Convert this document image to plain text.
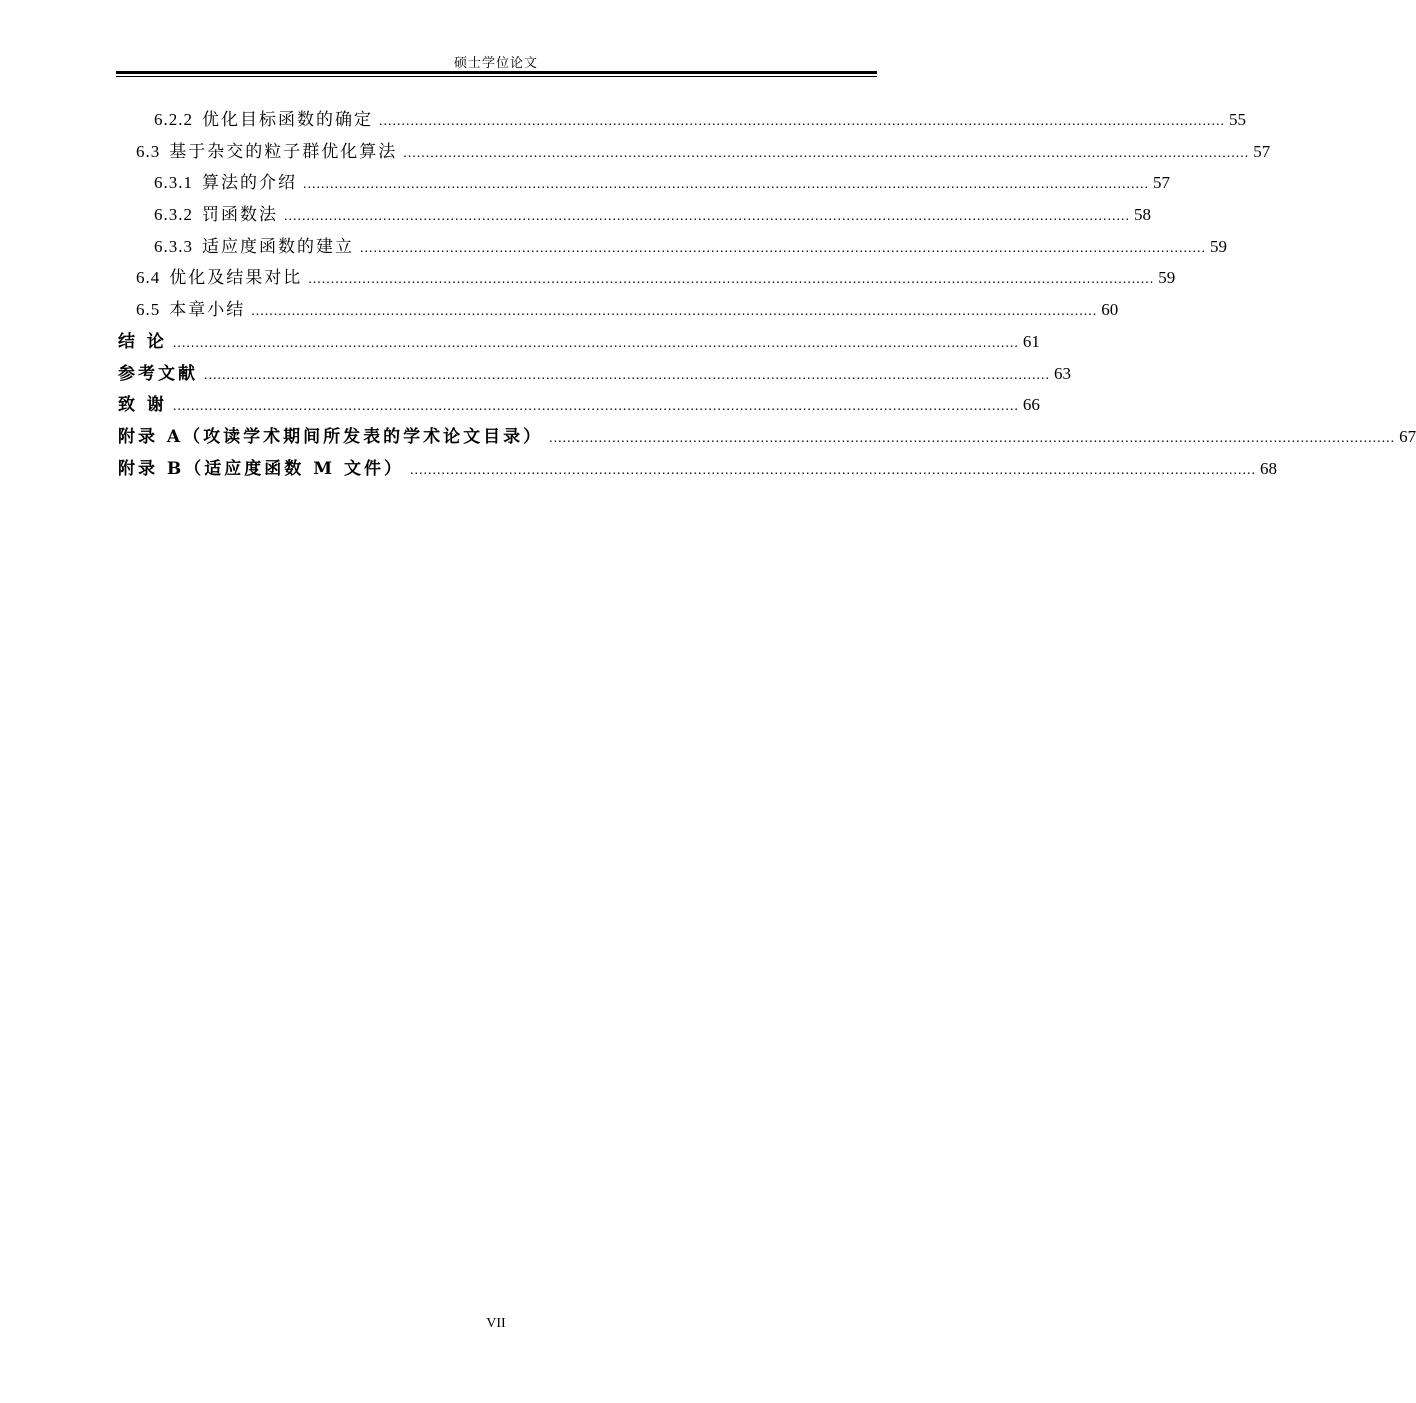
硕士学位论文
6.2.2 优化目标函数的确定 ............................................................................................................................................................................................ 55
6.3 基于杂交的粒子群优化算法 ............................................................................................................................................................................................ 57
6.3.1 算法的介绍 ............................................................................................................................................................................................ 57
6.3.2 罚函数法 ............................................................................................................................................................................................ 58
6.3.3 适应度函数的建立 ............................................................................................................................................................................................ 59
6.4 优化及结果对比 ............................................................................................................................................................................................ 59
6.5 本章小结 ............................................................................................................................................................................................ 60
结 论 ............................................................................................................................................................................................ 61
参考文献 ............................................................................................................................................................................................ 63
致 谢 ............................................................................................................................................................................................ 66
附录 A（攻读学术期间所发表的学术论文目录） ............................................................................................................................................................................................ 67
附录 B（适应度函数 M 文件） ............................................................................................................................................................................................ 68
VII
